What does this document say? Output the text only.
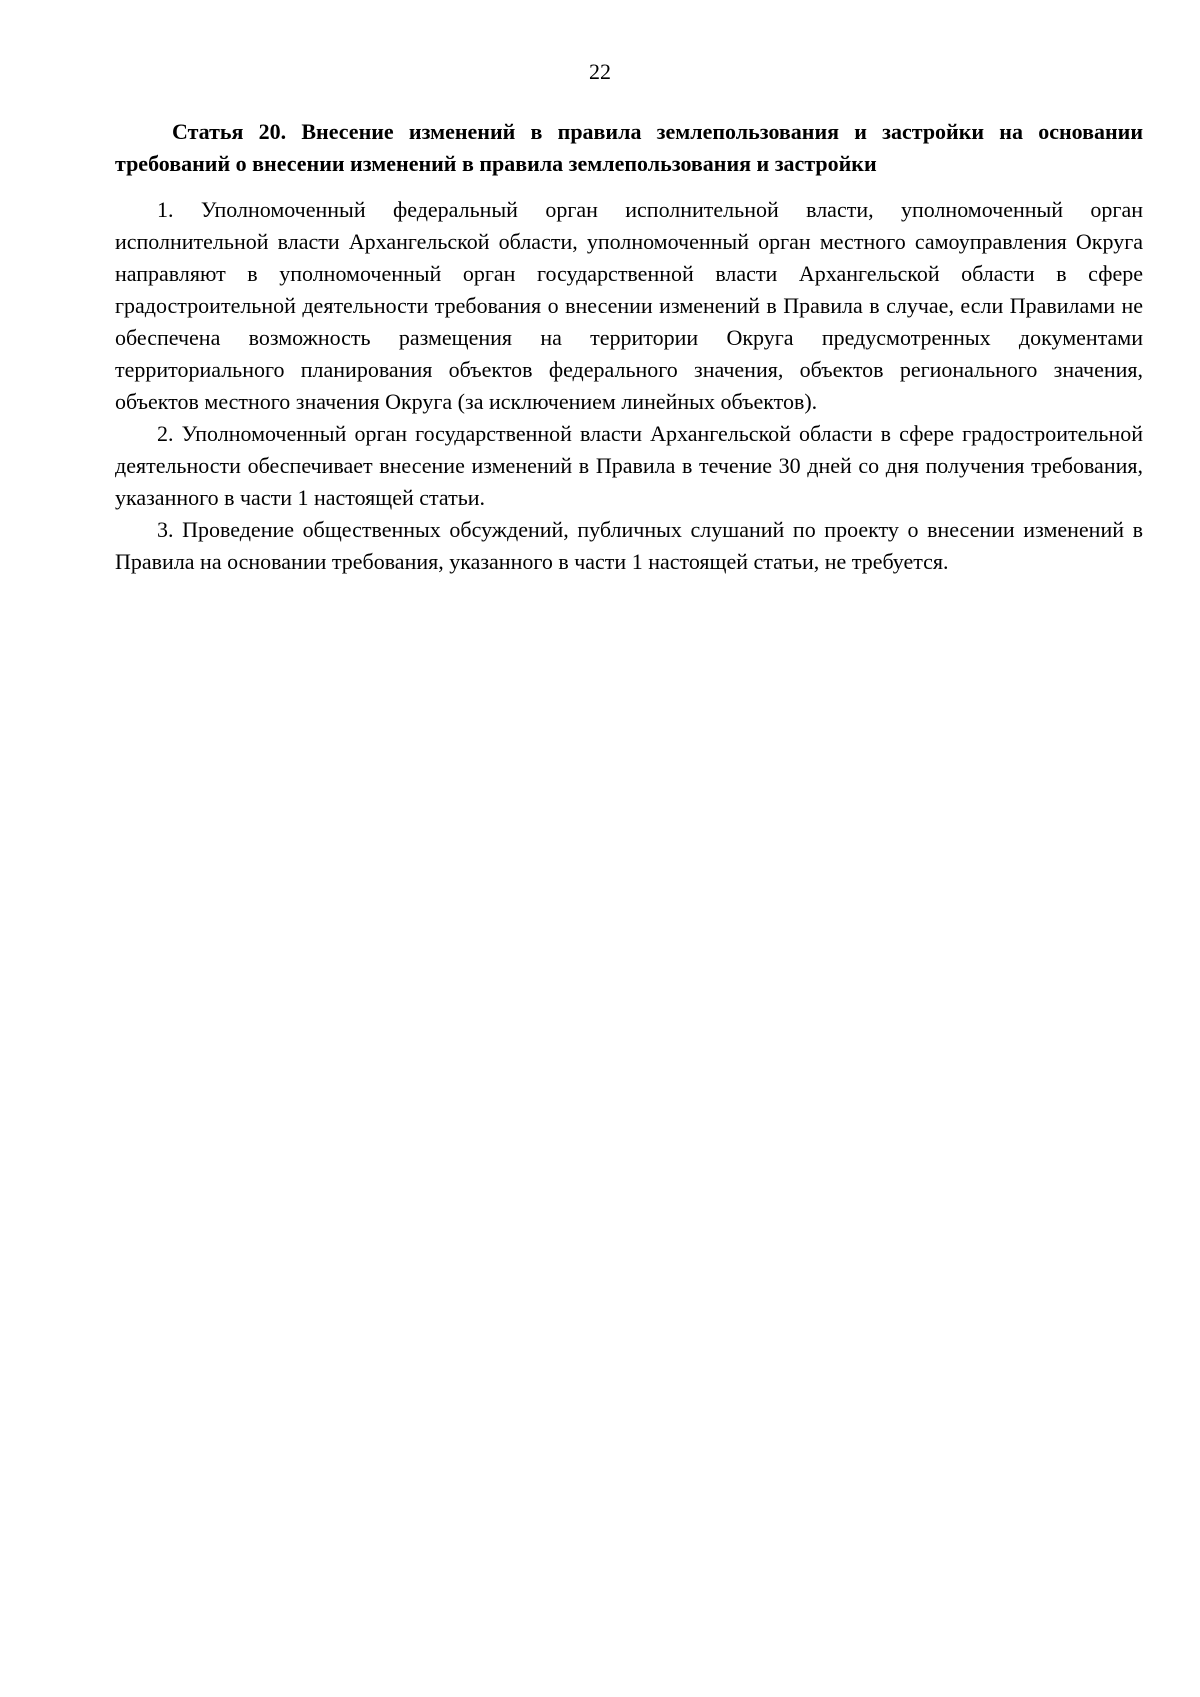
22

Статья 20. Внесение изменений в правила землепользования и застройки на основании требований о внесении изменений в правила землепользования и застройки

1. Уполномоченный федеральный орган исполнительной власти, уполномоченный орган исполнительной власти Архангельской области, уполномоченный орган местного самоуправления Округа направляют в уполномоченный орган государственной власти Архангельской области в сфере градостроительной деятельности требования о внесении изменений в Правила в случае, если Правилами не обеспечена возможность размещения на территории Округа предусмотренных документами территориального планирования объектов федерального значения, объектов регионального значения, объектов местного значения Округа (за исключением линейных объектов).

2. Уполномоченный орган государственной власти Архангельской области в сфере градостроительной деятельности обеспечивает внесение изменений в Правила в течение 30 дней со дня получения требования, указанного в части 1 настоящей статьи.

3. Проведение общественных обсуждений, публичных слушаний по проекту о внесении изменений в Правила на основании требования, указанного в части 1 настоящей статьи, не требуется.
